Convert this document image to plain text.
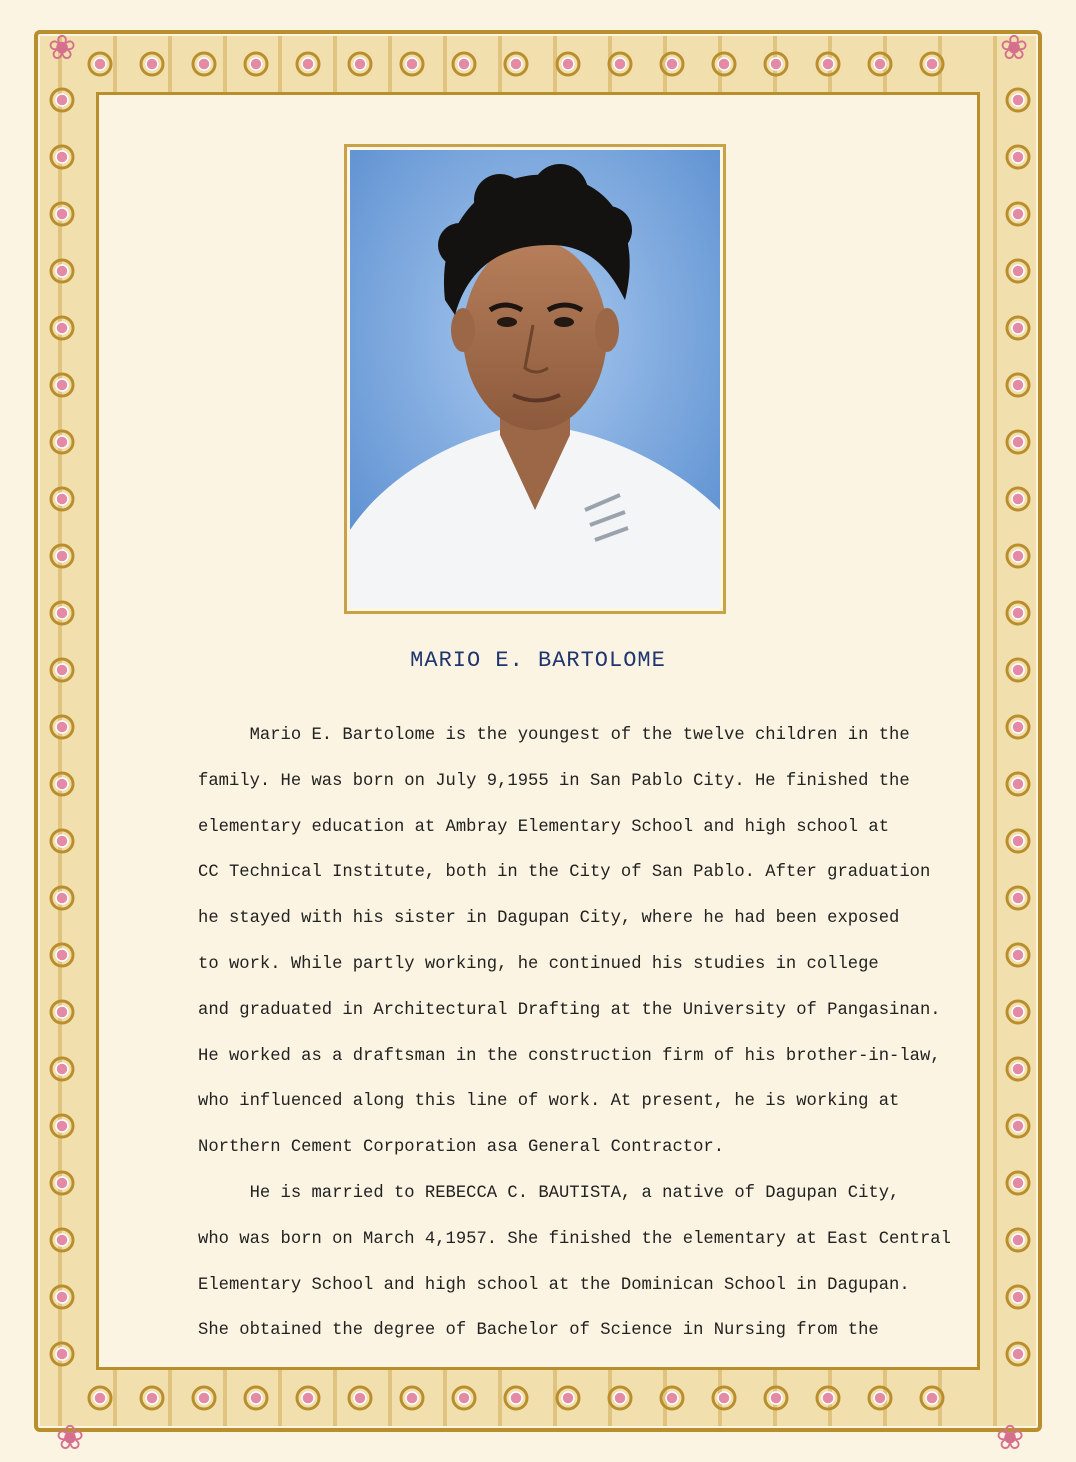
❀	❀
❀	❀
MARIO E. BARTOLOME
Mario E. Bartolome is the youngest of the twelve children in the
family. He was born on July 9,1955 in San Pablo City. He finished the
elementary education at Ambray Elementary School and high school at
CC Technical Institute, both in the City of San Pablo. After graduation
he stayed with his sister in Dagupan City, where he had been exposed
to work. While partly working, he continued his studies in college
and graduated in Architectural Drafting at the University of Pangasinan.
He worked as a draftsman in the construction firm of his brother-in-law,
who influenced along this line of work. At present, he is working at
Northern Cement Corporation asa General Contractor.
He is married to REBECCA C. BAUTISTA, a native of Dagupan City,
who was born on March 4,1957. She finished the elementary at East Central
Elementary School and high school at the Dominican School in Dagupan.
She obtained the degree of Bachelor of Science in Nursing from the
